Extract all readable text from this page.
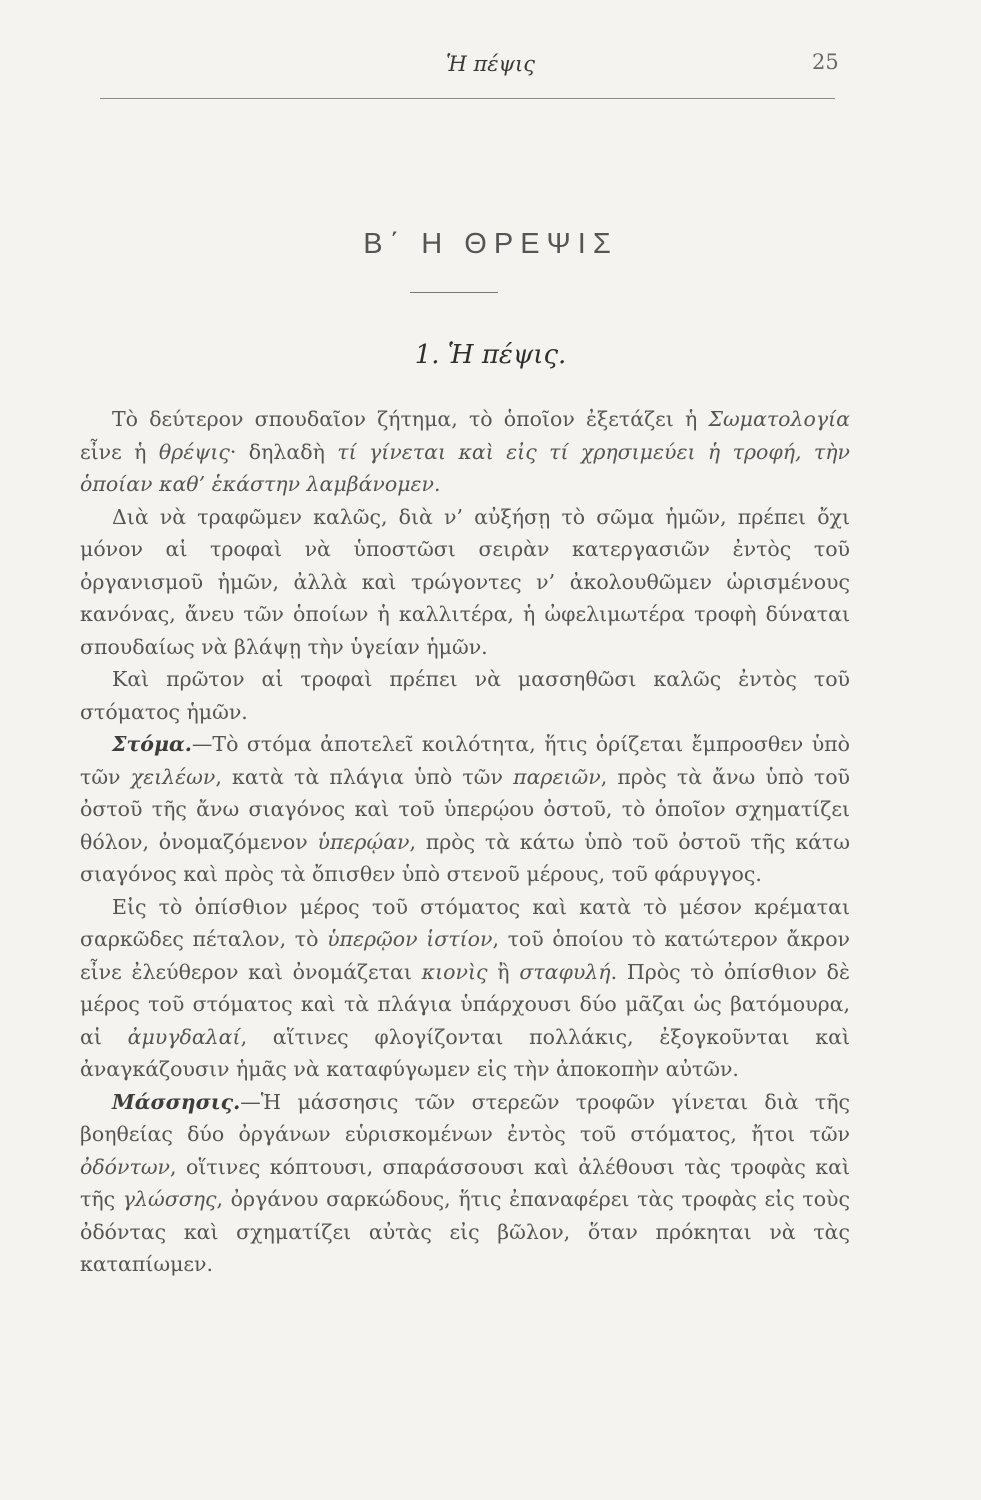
Ἡ πέψις	25
Β΄ Η ΘΡΕΨΙΣ
1. Ἡ πέψις.

Τὸ δεύτερον σπουδαῖον ζήτημα, τὸ ὁποῖον ἐξετάζει ἡ Σωματολογία εἶνε ἡ θρέψις· δηλαδὴ τί γίνεται καὶ εἰς τί χρησιμεύει ἡ τροφή, τὴν ὁποίαν καθ’ ἑκάστην λαμβάνομεν.

Διὰ νὰ τραφῶμεν καλῶς, διὰ ν’ αὐξήσῃ τὸ σῶμα ἡμῶν, πρέπει ὄχι μόνον αἱ τροφαὶ νὰ ὑποστῶσι σειρὰν κατεργασιῶν ἐντὸς τοῦ ὀργανισμοῦ ἡμῶν, ἀλλὰ καὶ τρώγοντες ν’ ἀκολουθῶμεν ὡρισμένους κανόνας, ἄνευ τῶν ὁποίων ἡ καλλιτέρα, ἡ ὠφελιμωτέρα τροφὴ δύναται σπουδαίως νὰ βλάψῃ τὴν ὑγείαν ἡμῶν.

Καὶ πρῶτον αἱ τροφαὶ πρέπει νὰ μασσηθῶσι καλῶς ἐντὸς τοῦ στόματος ἡμῶν.

Στόμα.—Τὸ στόμα ἀποτελεῖ κοιλότητα, ἥτις ὁρίζεται ἔμπροσθεν ὑπὸ τῶν χειλέων, κατὰ τὰ πλάγια ὑπὸ τῶν παρειῶν, πρὸς τὰ ἄνω ὑπὸ τοῦ ὀστοῦ τῆς ἄνω σιαγόνος καὶ τοῦ ὑπερῴου ὀστοῦ, τὸ ὁποῖον σχηματίζει θόλον, ὀνομαζόμενον ὑπερῴαν, πρὸς τὰ κάτω ὑπὸ τοῦ ὀστοῦ τῆς κάτω σιαγόνος καὶ πρὸς τὰ ὄπισθεν ὑπὸ στενοῦ μέρους, τοῦ φάρυγγος.

Εἰς τὸ ὀπίσθιον μέρος τοῦ στόματος καὶ κατὰ τὸ μέσον κρέμαται σαρκῶδες πέταλον, τὸ ὑπερῷον ἱστίον, τοῦ ὁποίου τὸ κατώτερον ἄκρον εἶνε ἐλεύθερον καὶ ὀνομάζεται κιονὶς ἢ σταφυλή. Πρὸς τὸ ὀπίσθιον δὲ μέρος τοῦ στόματος καὶ τὰ πλάγια ὑπάρχουσι δύο μᾶζαι ὡς βατόμουρα, αἱ ἀμυγδαλαί, αἵτινες φλογίζονται πολλάκις, ἐξογκοῦνται καὶ ἀναγκάζουσιν ἡμᾶς νὰ καταφύγωμεν εἰς τὴν ἀποκοπὴν αὐτῶν.

Μάσσησις.—Ἡ μάσσησις τῶν στερεῶν τροφῶν γίνεται διὰ τῆς βοηθείας δύο ὀργάνων εὑρισκομένων ἐντὸς τοῦ στόματος, ἤτοι τῶν ὀδόντων, οἵτινες κόπτουσι, σπαράσσουσι καὶ ἀλέθουσι τὰς τροφὰς καὶ τῆς γλώσσης, ὀργάνου σαρκώδους, ἥτις ἐπαναφέρει τὰς τροφὰς εἰς τοὺς ὀδόντας καὶ σχηματίζει αὐτὰς εἰς βῶλον, ὅταν πρόκηται νὰ τὰς καταπίωμεν.
